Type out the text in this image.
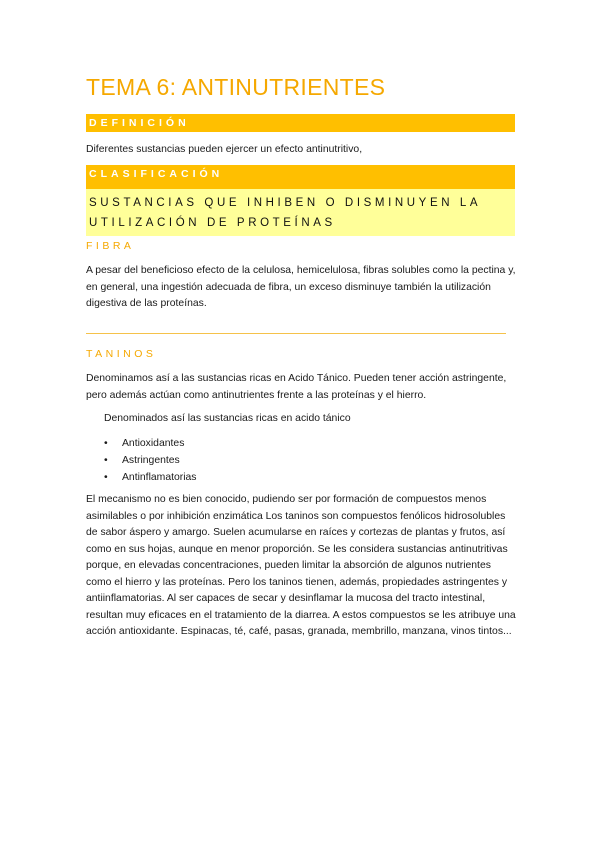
TEMA 6: ANTINUTRIENTES
DEFINICIÓN
Diferentes sustancias pueden ejercer un efecto antinutritivo,
CLASIFICACIÓN
SUSTANCIAS QUE INHIBEN O DISMINUYEN LA UTILIZACIÓN DE PROTEÍNAS
FIBRA
A pesar del beneficioso efecto de la celulosa, hemicelulosa, fibras solubles como la pectina y, en general, una ingestión adecuada de fibra, un exceso disminuye también la utilización digestiva de las proteínas.
TANINOS
Denominamos así a las sustancias ricas en Acido Tánico. Pueden tener acción astringente, pero además actúan como antinutrientes frente a las proteínas y el hierro.
Denominados así las sustancias ricas en acido tánico
• Antioxidantes
• Astringentes
• Antinflamatorias
El mecanismo no es bien conocido, pudiendo ser por formación de compuestos menos asimilables o por inhibición enzimática Los taninos son compuestos fenólicos hidrosolubles de sabor áspero y amargo. Suelen acumularse en raíces y cortezas de plantas y frutos, así como en sus hojas, aunque en menor proporción. Se les considera sustancias antinutritivas porque, en elevadas concentraciones, pueden limitar la absorción de algunos nutrientes como el hierro y las proteínas. Pero los taninos tienen, además, propiedades astringentes y antiinflamatorias. Al ser capaces de secar y desinflamar la mucosa del tracto intestinal, resultan muy eficaces en el tratamiento de la diarrea. A estos compuestos se les atribuye una acción antioxidante. Espinacas, té, café, pasas, granada, membrillo, manzana, vinos tintos...
